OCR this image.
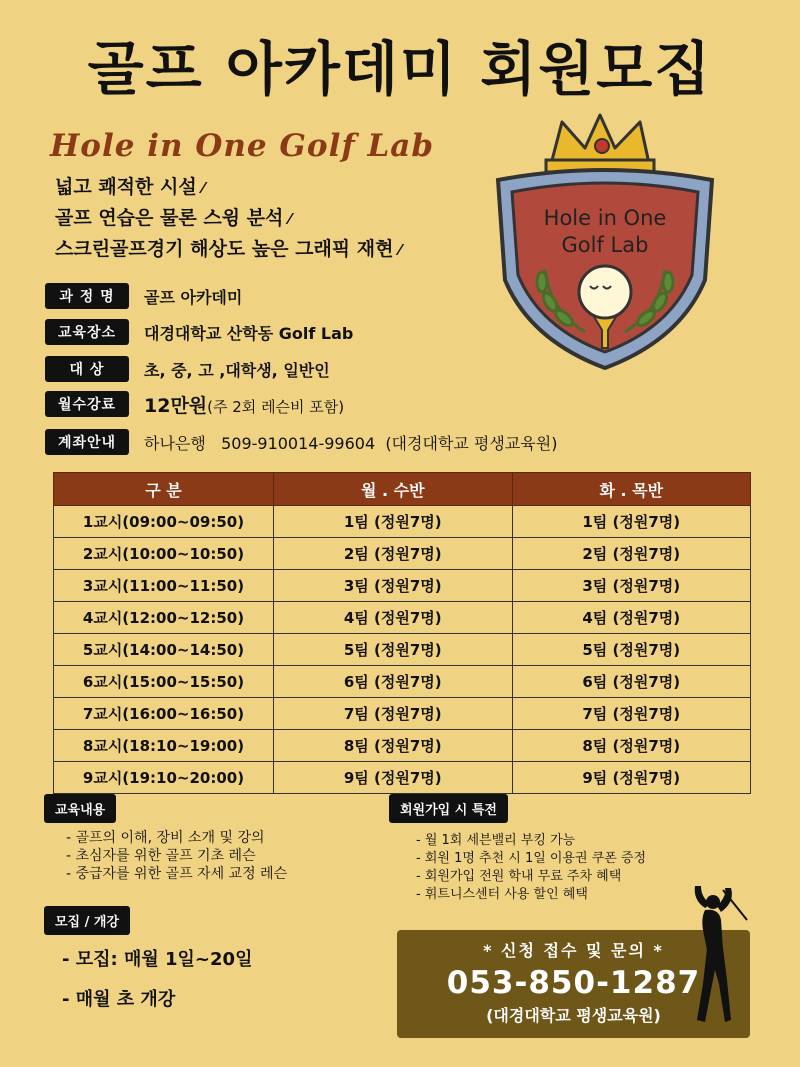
골프 아카데미 회원모집
Hole in One Golf Lab
넓고 쾌적한 시설 ⁄
골프 연습은 물론 스윙 분석 ⁄
스크린골프경기 해상도 높은 그래픽 재현 ⁄
Hole in One
Golf Lab
과 정 명	골프 아카데미
교육장소	대경대학교 산학동 Golf Lab
대 상	초, 중, 고 ,대학생, 일반인
월수강료	12만원(주 2회 레슨비 포함)
계좌안내	하나은행   509-910014-99604  (대경대학교 평생교육원)
구 분	월 . 수반	화 . 목반
1교시(09:00~09:50)	1팀 (정원7명)	1팀 (정원7명)
2교시(10:00~10:50)	2팀 (정원7명)	2팀 (정원7명)
3교시(11:00~11:50)	3팀 (정원7명)	3팀 (정원7명)
4교시(12:00~12:50)	4팀 (정원7명)	4팀 (정원7명)
5교시(14:00~14:50)	5팀 (정원7명)	5팀 (정원7명)
6교시(15:00~15:50)	6팀 (정원7명)	6팀 (정원7명)
7교시(16:00~16:50)	7팀 (정원7명)	7팀 (정원7명)
8교시(18:10~19:00)	8팀 (정원7명)	8팀 (정원7명)
9교시(19:10~20:00)	9팀 (정원7명)	9팀 (정원7명)
교육내용
- 골프의 이해, 장비 소개 및 강의
- 초심자를 위한 골프 기초 레슨
- 중급자를 위한 골프 자세 교정 레슨
회원가입 시 특전
- 월 1회 세븐밸리 부킹 가능
- 회원 1명 추천 시 1일 이용권 쿠폰 증정
- 회원가입 전원 학내 무료 주차 혜택
- 휘트니스센터 사용 할인 혜택
모집 / 개강
- 모집: 매월 1일~20일
- 매월 초 개강
* 신청 접수 및 문의 *
053-850-1287
(대경대학교 평생교육원)
